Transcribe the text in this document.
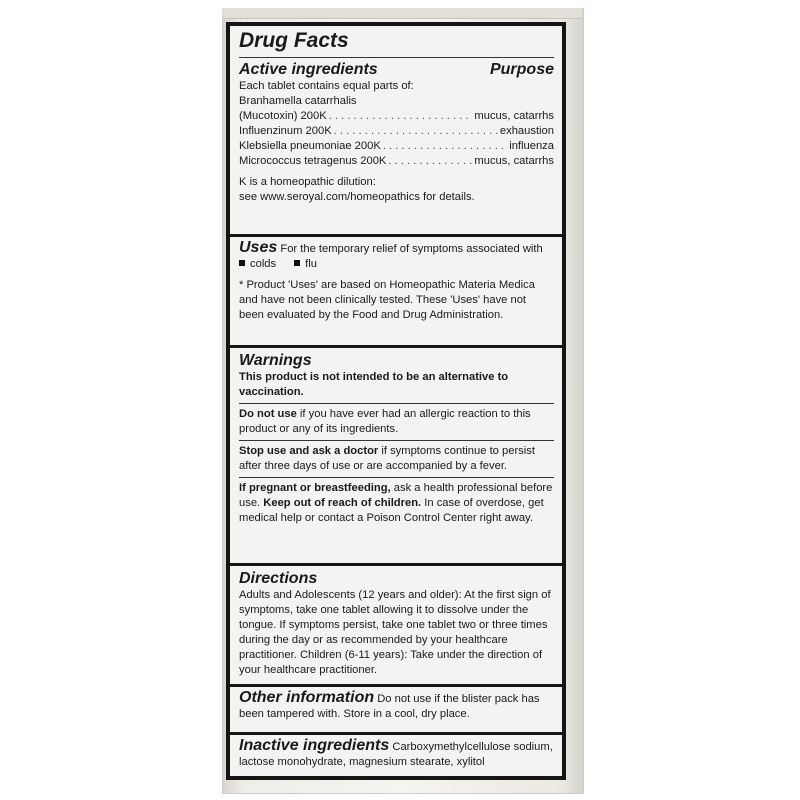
Drug Facts
Active ingredients	Purpose
Each tablet contains equal parts of:
Branhamella catarrhalis
(Mucotoxin) 200K . . .	mucus, catarrhs
Influenzinum 200K . . .	exhaustion
Klebsiella pneumoniae 200K . . .	influenza
Micrococcus tetragenus 200K . . .	mucus, catarrhs
K is a homeopathic dilution:
see www.seroyal.com/homeopathics for details.
Uses For the temporary relief of symptoms associated with
colds	flu
* Product 'Uses' are based on Homeopathic Materia Medica and have not been clinically tested. These 'Uses' have not been evaluated by the Food and Drug Administration.
Warnings
This product is not intended to be an alternative to vaccination.
Do not use if you have ever had an allergic reaction to this product or any of its ingredients.
Stop use and ask a doctor if symptoms continue to persist after three days of use or are accompanied by a fever.
If pregnant or breastfeeding, ask a health professional before use. Keep out of reach of children. In case of overdose, get medical help or contact a Poison Control Center right away.
Directions
Adults and Adolescents (12 years and older): At the first sign of symptoms, take one tablet allowing it to dissolve under the tongue. If symptoms persist, take one tablet two or three times during the day or as recommended by your healthcare practitioner. Children (6-11 years): Take under the direction of your healthcare practitioner.
Other information Do not use if the blister pack has been tampered with. Store in a cool, dry place.
Inactive ingredients Carboxymethylcellulose sodium, lactose monohydrate, magnesium stearate, xylitol
